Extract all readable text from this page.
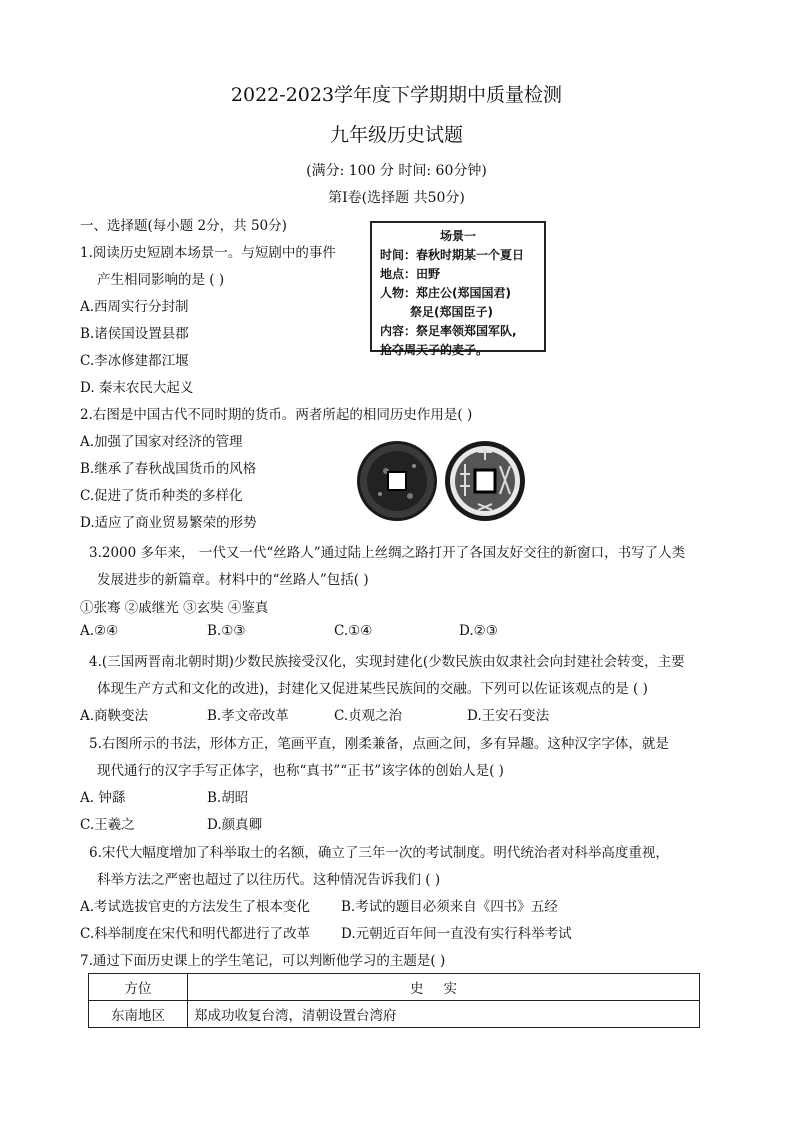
2022-2023学年度下学期期中质量检测
九年级历史试题
(满分: 100 分 时间: 60分钟)
第Ⅰ卷(选择题 共50分)
一、选择题(每小题 2分，共 50分)
场景一
时间：春秋时期某一个夏日
地点：田野
人物：郑庄公(郑国国君)
祭足(郑国臣子)
内容：祭足率领郑国军队,
抢夺周天子的麦子。
1.阅读历史短剧本场景一。与短剧中的事件
产生相同影响的是 ( )
A.西周实行分封制
B.诸侯国设置县郡
C.李冰修建都江堰
D. 秦末农民大起义
2.右图是中国古代不同时期的货币。两者所起的相同历史作用是( )
A.加强了国家对经济的管理
B.继承了春秋战国货币的风格
C.促进了货币种类的多样化
D.适应了商业贸易繁荣的形势
3.2000 多年来， 一代又一代“丝路人”通过陆上丝绸之路打开了各国友好交往的新窗口，书写了人类
发展进步的新篇章。材料中的“丝路人”包括( )
①张骞 ②戚继光 ③玄奘 ④鉴真
A.②④	B.①③	C.①④	D.②③
4.(三国两晋南北朝时期)少数民族接受汉化，实现封建化(少数民族由奴隶社会向封建社会转变，主要
体现生产方式和文化的改进)，封建化又促进某些民族间的交融。下列可以佐证该观点的是 ( )
A.商鞅变法	B.孝文帝改革	C.贞观之治	D.王安石变法
5.右图所示的书法，形体方正，笔画平直，刚柔兼备，点画之间，多有异趣。这种汉字字体，就是
现代通行的汉字手写正体字，也称“真书”“正书”该字体的创始人是( )
A. 钟繇	B.胡昭
C.王羲之	D.颜真卿
6.宋代大幅度增加了科举取士的名额，确立了三年一次的考试制度。明代统治者对科举高度重视，
科举方法之严密也超过了以往历代。这种情况告诉我们 ( )
A.考试选拔官吏的方法发生了根本变化 B.考试的题目必须来自《四书》五经
C.科举制度在宋代和明代都进行了改革 D.元朝近百年间一直没有实行科举考试
7.通过下面历史课上的学生笔记，可以判断他学习的主题是( )
方位	史实
东南地区	郑成功收复台湾，清朝设置台湾府
